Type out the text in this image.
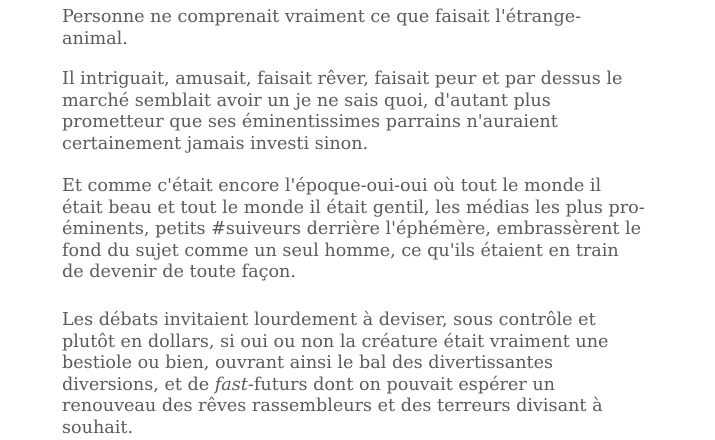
Personne ne comprenait vraiment ce que faisait l'étrange-
animal.

Il intriguait, amusait, faisait rêver, faisait peur et par dessus le
marché semblait avoir un je ne sais quoi, d'autant plus
prometteur que ses éminentissimes parrains n'auraient
certainement jamais investi sinon.

Et comme c'était encore l'époque-oui-oui où tout le monde il
était beau et tout le monde il était gentil, les médias les plus pro-
éminents, petits #suiveurs derrière l'éphémère, embrassèrent le
fond du sujet comme un seul homme, ce qu'ils étaient en train
de devenir de toute façon.

Les débats invitaient lourdement à deviser, sous contrôle et
plutôt en dollars, si oui ou non la créature était vraiment une
bestiole ou bien, ouvrant ainsi le bal des divertissantes
diversions, et de fast-futurs dont on pouvait espérer un
renouveau des rêves rassembleurs et des terreurs divisant à
souhait.
